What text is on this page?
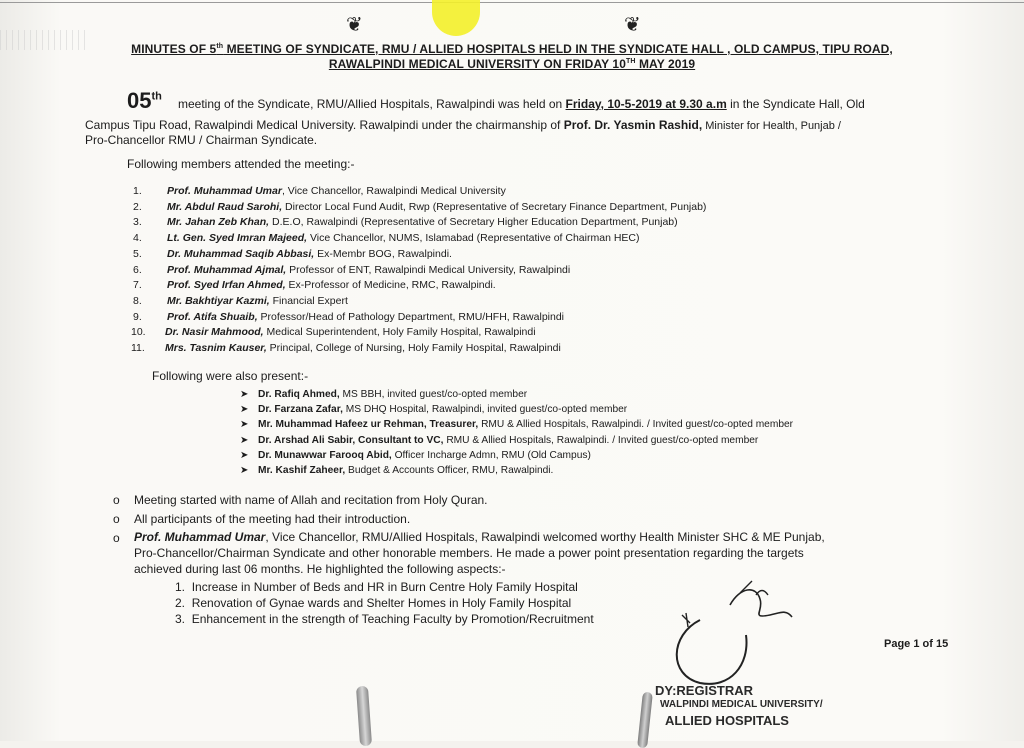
❦	❦
MINUTES OF 5th MEETING OF SYNDICATE, RMU / ALLIED HOSPITALS HELD IN THE SYNDICATE HALL , OLD CAMPUS, TIPU ROAD,
RAWALPINDI MEDICAL UNIVERSITY ON FRIDAY 10TH MAY 2019
05th
meeting of the Syndicate, RMU/Allied Hospitals, Rawalpindi was held on Friday, 10-5-2019 at 9.30 a.m in the Syndicate Hall, Old
Campus Tipu Road, Rawalpindi Medical University. Rawalpindi under the chairmanship of Prof. Dr. Yasmin Rashid, Minister for Health, Punjab /
Pro-Chancellor RMU / Chairman Syndicate.
Following members attended the meeting:-
1.	Prof. Muhammad Umar, Vice Chancellor, Rawalpindi Medical University
2.	Mr. Abdul Raud Sarohi, Director Local Fund Audit, Rwp (Representative of Secretary Finance Department, Punjab)
3.	Mr. Jahan Zeb Khan, D.E.O, Rawalpindi (Representative of Secretary Higher Education Department, Punjab)
4.	Lt. Gen. Syed Imran Majeed, Vice Chancellor, NUMS, Islamabad (Representative of Chairman HEC)
5.	Dr. Muhammad Saqib Abbasi, Ex-Membr BOG, Rawalpindi.
6.	Prof. Muhammad Ajmal, Professor of ENT, Rawalpindi Medical University, Rawalpindi
7.	Prof. Syed Irfan Ahmed, Ex-Professor of Medicine, RMC, Rawalpindi.
8.	Mr. Bakhtiyar Kazmi, Financial Expert
9.	Prof. Atifa Shuaib, Professor/Head of Pathology Department, RMU/HFH, Rawalpindi
10.	Dr. Nasir Mahmood, Medical Superintendent, Holy Family Hospital, Rawalpindi
11.	Mrs. Tasnim Kauser, Principal, College of Nursing, Holy Family Hospital, Rawalpindi
Following were also present:-
➤ Dr. Rafiq Ahmed, MS BBH, invited guest/co-opted member
➤ Dr. Farzana Zafar, MS DHQ Hospital, Rawalpindi, invited guest/co-opted member
➤ Mr. Muhammad Hafeez ur Rehman, Treasurer, RMU & Allied Hospitals, Rawalpindi. / Invited guest/co-opted member
➤ Dr. Arshad Ali Sabir, Consultant to VC, RMU & Allied Hospitals, Rawalpindi. / Invited guest/co-opted member
➤ Dr. Munawwar Farooq Abid, Officer Incharge Admn, RMU (Old Campus)
➤ Mr. Kashif Zaheer, Budget & Accounts Officer, RMU, Rawalpindi.
o Meeting started with name of Allah and recitation from Holy Quran.
o All participants of the meeting had their introduction.
o Prof. Muhammad Umar, Vice Chancellor, RMU/Allied Hospitals, Rawalpindi welcomed worthy Health Minister SHC & ME Punjab,
Pro-Chancellor/Chairman Syndicate and other honorable members. He made a power point presentation regarding the targets
achieved during last 06 months. He highlighted the following aspects:-
1. Increase in Number of Beds and HR in Burn Centre Holy Family Hospital
2. Renovation of Gynae wards and Shelter Homes in Holy Family Hospital
3. Enhancement in the strength of Teaching Faculty by Promotion/Recruitment
Page 1 of 15
DY:REGISTRAR
WALPINDI MEDICAL UNIVERSITY/
ALLIED HOSPITALS
